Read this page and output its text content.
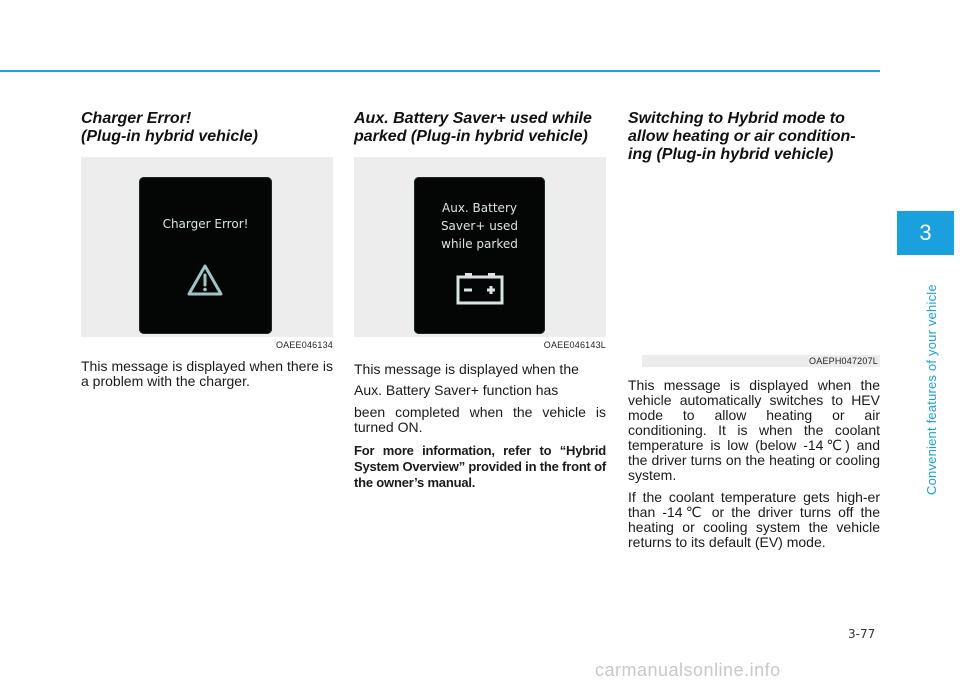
Charger Error!
(Plug-in hybrid vehicle)
Charger Error!
OAEE046134

This message is displayed when there is a problem with the charger.

Aux. Battery Saver+ used while
parked (Plug-in hybrid vehicle)
Aux. Battery
Saver+ used
while parked
OAEE046143L

This message is displayed when the

Aux. Battery Saver+ function has

been completed when the vehicle is turned ON.

For more information, refer to “Hybrid System Overview” provided in the front of the owner’s manual.

Switching to Hybrid mode to
allow heating or air condition-
ing (Plug-in hybrid vehicle)
OAEPH047207L

This message is displayed when the vehicle automatically switches to HEV mode to allow heating or air conditioning. It is when the coolant temperature is low (below -14℃) and the driver turns on the heating or cooling system.

If the coolant temperature gets high-er than -14℃ or the driver turns off the heating or cooling system the vehicle returns to its default (EV) mode.

3
Convenient features of your vehicle
3-77
carmanualsonline.info
